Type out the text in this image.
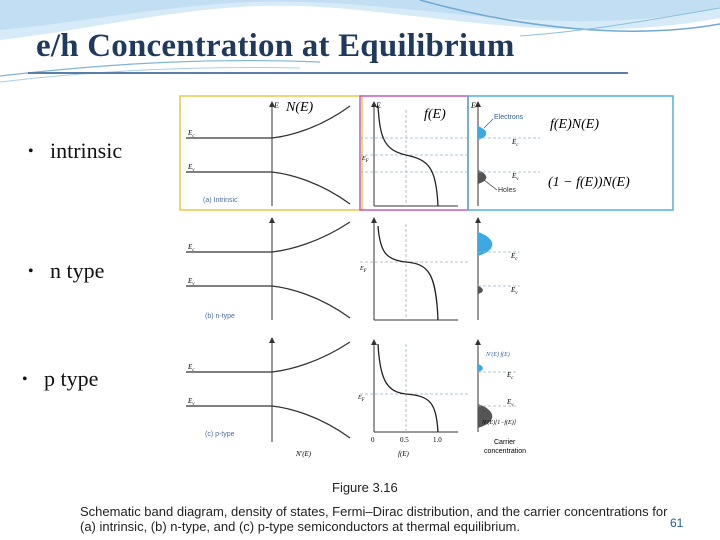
e/h Concentration at Equilibrium
• intrinsic
• n type
• p type
E N(E)
$E_c$
$E_v$
(a) Intrinsic
E
f(E)
$E_F$
E
Electrons
Holes
$E_c$
$E_v$
f(E)N(E)
(1 − f(E))N(E)
$E_c$
$E_v$
(b) n-type
$E_F$
$E_c$
$E_v$
$E_c$
$E_v$
(c) p-type
N′(E)
$E_F$
0	0.5	1.0
f(E)
N′(E) f(E)
$E_c$
$E_v$
N′(E)[1−f(E)]
Carrier
concentration
Figure 3.16
Schematic band diagram, density of states, Fermi–Dirac distribution, and the carrier concentrations for
(a) intrinsic, (b) n-type, and (c) p-type semiconductors at thermal equilibrium.	61
